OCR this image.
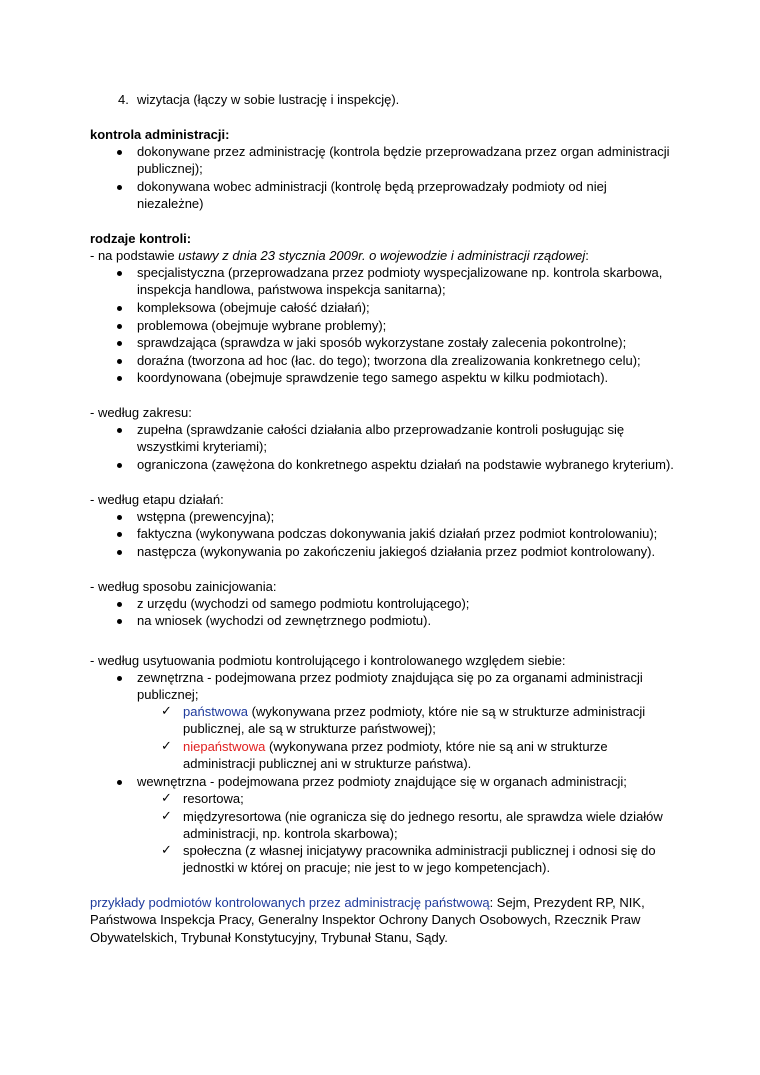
4. wizytacja (łączy w sobie lustrację i inspekcję).
kontrola administracji:
dokonywane przez administrację (kontrola będzie przeprowadzana przez organ administracji
publicznej);
dokonywana wobec administracji (kontrolę będą przeprowadzały podmioty od niej
niezależne)
rodzaje kontroli:
- na podstawie ustawy z dnia 23 stycznia 2009r. o wojewodzie i administracji rządowej:
specjalistyczna (przeprowadzana przez podmioty wyspecjalizowane np. kontrola skarbowa,
inspekcja handlowa, państwowa inspekcja sanitarna);
kompleksowa (obejmuje całość działań);
problemowa (obejmuje wybrane problemy);
sprawdzająca (sprawdza w jaki sposób wykorzystane zostały zalecenia pokontrolne);
doraźna (tworzona ad hoc (łac. do tego); tworzona dla zrealizowania konkretnego celu);
koordynowana (obejmuje sprawdzenie tego samego aspektu w kilku podmiotach).
- według zakresu:
zupełna (sprawdzanie całości działania albo przeprowadzanie kontroli posługując się
wszystkimi kryteriami);
ograniczona (zawężona do konkretnego aspektu działań na podstawie wybranego kryterium).
- według etapu działań:
wstępna (prewencyjna);
faktyczna (wykonywana podczas dokonywania jakiś działań przez podmiot kontrolowaniu);
następcza (wykonywania po zakończeniu jakiegoś działania przez podmiot kontrolowany).
- według sposobu zainicjowania:
z urzędu (wychodzi od samego podmiotu kontrolującego);
na wniosek (wychodzi od zewnętrznego podmiotu).
- według usytuowania podmiotu kontrolującego i kontrolowanego względem siebie:
zewnętrzna - podejmowana przez podmioty znajdująca się po za organami administracji
publicznej;
✓ państwowa (wykonywana przez podmioty, które nie są w strukturze administracji
publicznej, ale są w strukturze państwowej);
✓ niepaństwowa (wykonywana przez podmioty, które nie są ani w strukturze
administracji publicznej ani w strukturze państwa).
wewnętrzna - podejmowana przez podmioty znajdujące się w organach administracji;
✓ resortowa;
✓ międzyresortowa (nie ogranicza się do jednego resortu, ale sprawdza wiele działów
administracji, np. kontrola skarbowa);
✓ społeczna (z własnej inicjatywy pracownika administracji publicznej i odnosi się do
jednostki w której on pracuje; nie jest to w jego kompetencjach).
przykłady podmiotów kontrolowanych przez administrację państwową: Sejm, Prezydent RP, NIK,
Państwowa Inspekcja Pracy, Generalny Inspektor Ochrony Danych Osobowych, Rzecznik Praw
Obywatelskich, Trybunał Konstytucyjny, Trybunał Stanu, Sądy.
